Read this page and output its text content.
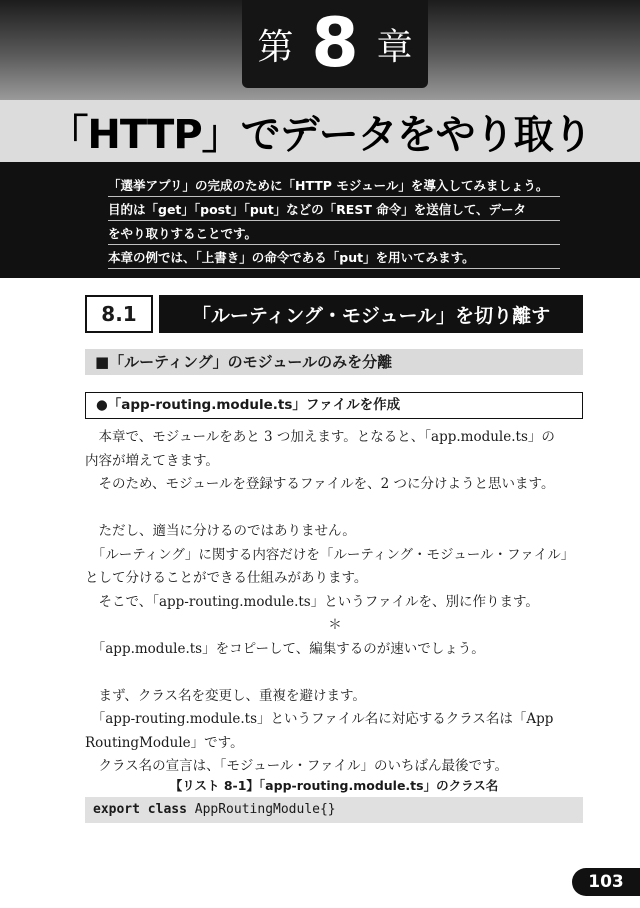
第 8 章
「HTTP」でデータをやり取り
「選挙アプリ」の完成のために「HTTP モジュール」を導入してみましょう。
目的は「get」「post」「put」などの「REST 命令」を送信して、データ
をやり取りすることです。
本章の例では、「上書き」の命令である「put」を用いてみます。
8.1	「ルーティング・モジュール」を切り離す
■「ルーティング」のモジュールのみを分離
●「app-routing.module.ts」ファイルを作成

　本章で、モジュールをあと 3 つ加えます。となると、「app.module.ts」の

内容が増えてきます。

　そのため、モジュールを登録するファイルを、2 つに分けようと思います。

　ただし、適当に分けるのではありません。

　「ルーティング」に関する内容だけを「ルーティング・モジュール・ファイル」

として分けることができる仕組みがあります。

　そこで、「app-routing.module.ts」というファイルを、別に作ります。

＊

　「app.module.ts」をコピーして、編集するのが速いでしょう。

　まず、クラス名を変更し、重複を避けます。

　「app-routing.module.ts」というファイル名に対応するクラス名は「App

RoutingModule」です。

　クラス名の宣言は、「モジュール・ファイル」のいちばん最後です。

【リスト 8-1】「app-routing.module.ts」のクラス名
export class AppRoutingModule{}
103
